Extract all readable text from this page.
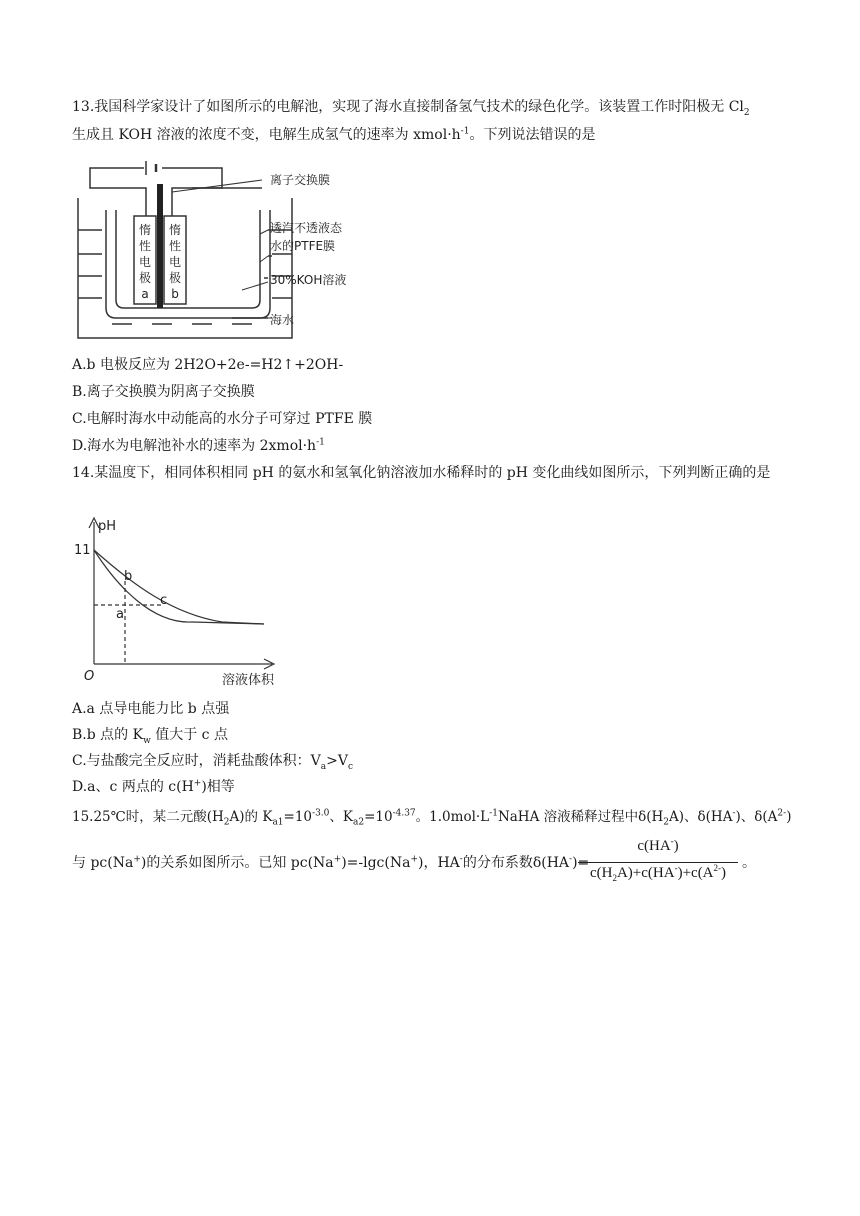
13.我国科学家设计了如图所示的电解池，实现了海水直接制备氢气技术的绿色化学。该装置工作时阳极无 $Cl_2$
生成且 KOH 溶液的浓度不变，电解生成氢气的速率为 $xmol\cdot h^{-1}$。下列说法错误的是
惰
性
电
极
a
惰
性
电
极
b
离子交换膜
透汽不透液态
水的PTFE膜
30%KOH溶液
海水
A.b 电极反应为 2H2O+2e-=H2↑+2OH-
B.离子交换膜为阴离子交换膜
C.电解时海水中动能高的水分子可穿过 PTFE 膜
D.海水为电解池补水的速率为 $2xmol\cdot h^{-1}$
14.某温度下，相同体积相同 pH 的氨水和氢氧化钠溶液加水稀释时的 pH 变化曲线如图所示，下列判断正确的是
pH
11
O	溶液体积
a
b
c
A.a 点导电能力比 b 点强
B.b 点的 $K_w$ 值大于 c 点
C.与盐酸完全反应时，消耗盐酸体积：$V_a>V_c$
D.a、c 两点的 c(H+)相等
15.25℃时，某二元酸$(H_2A)$的 $K_{a1}=10^{-3.0}$、$K_{a2}=10^{-4.37}$。$1.0mol\cdot L^{-1}NaHA$ 溶液稀释过程中$\delta(H_2A)$、δ(HA-)、$\delta(A^{2-})$
与 pc(Na+)的关系如图所示。已知 pc(Na+)=-lgc(Na+)，HA-的分布系数δ(HA-)=
c(HA-)
$c(H_2A)+c(HA^-)+c(A^{2-})$
。
